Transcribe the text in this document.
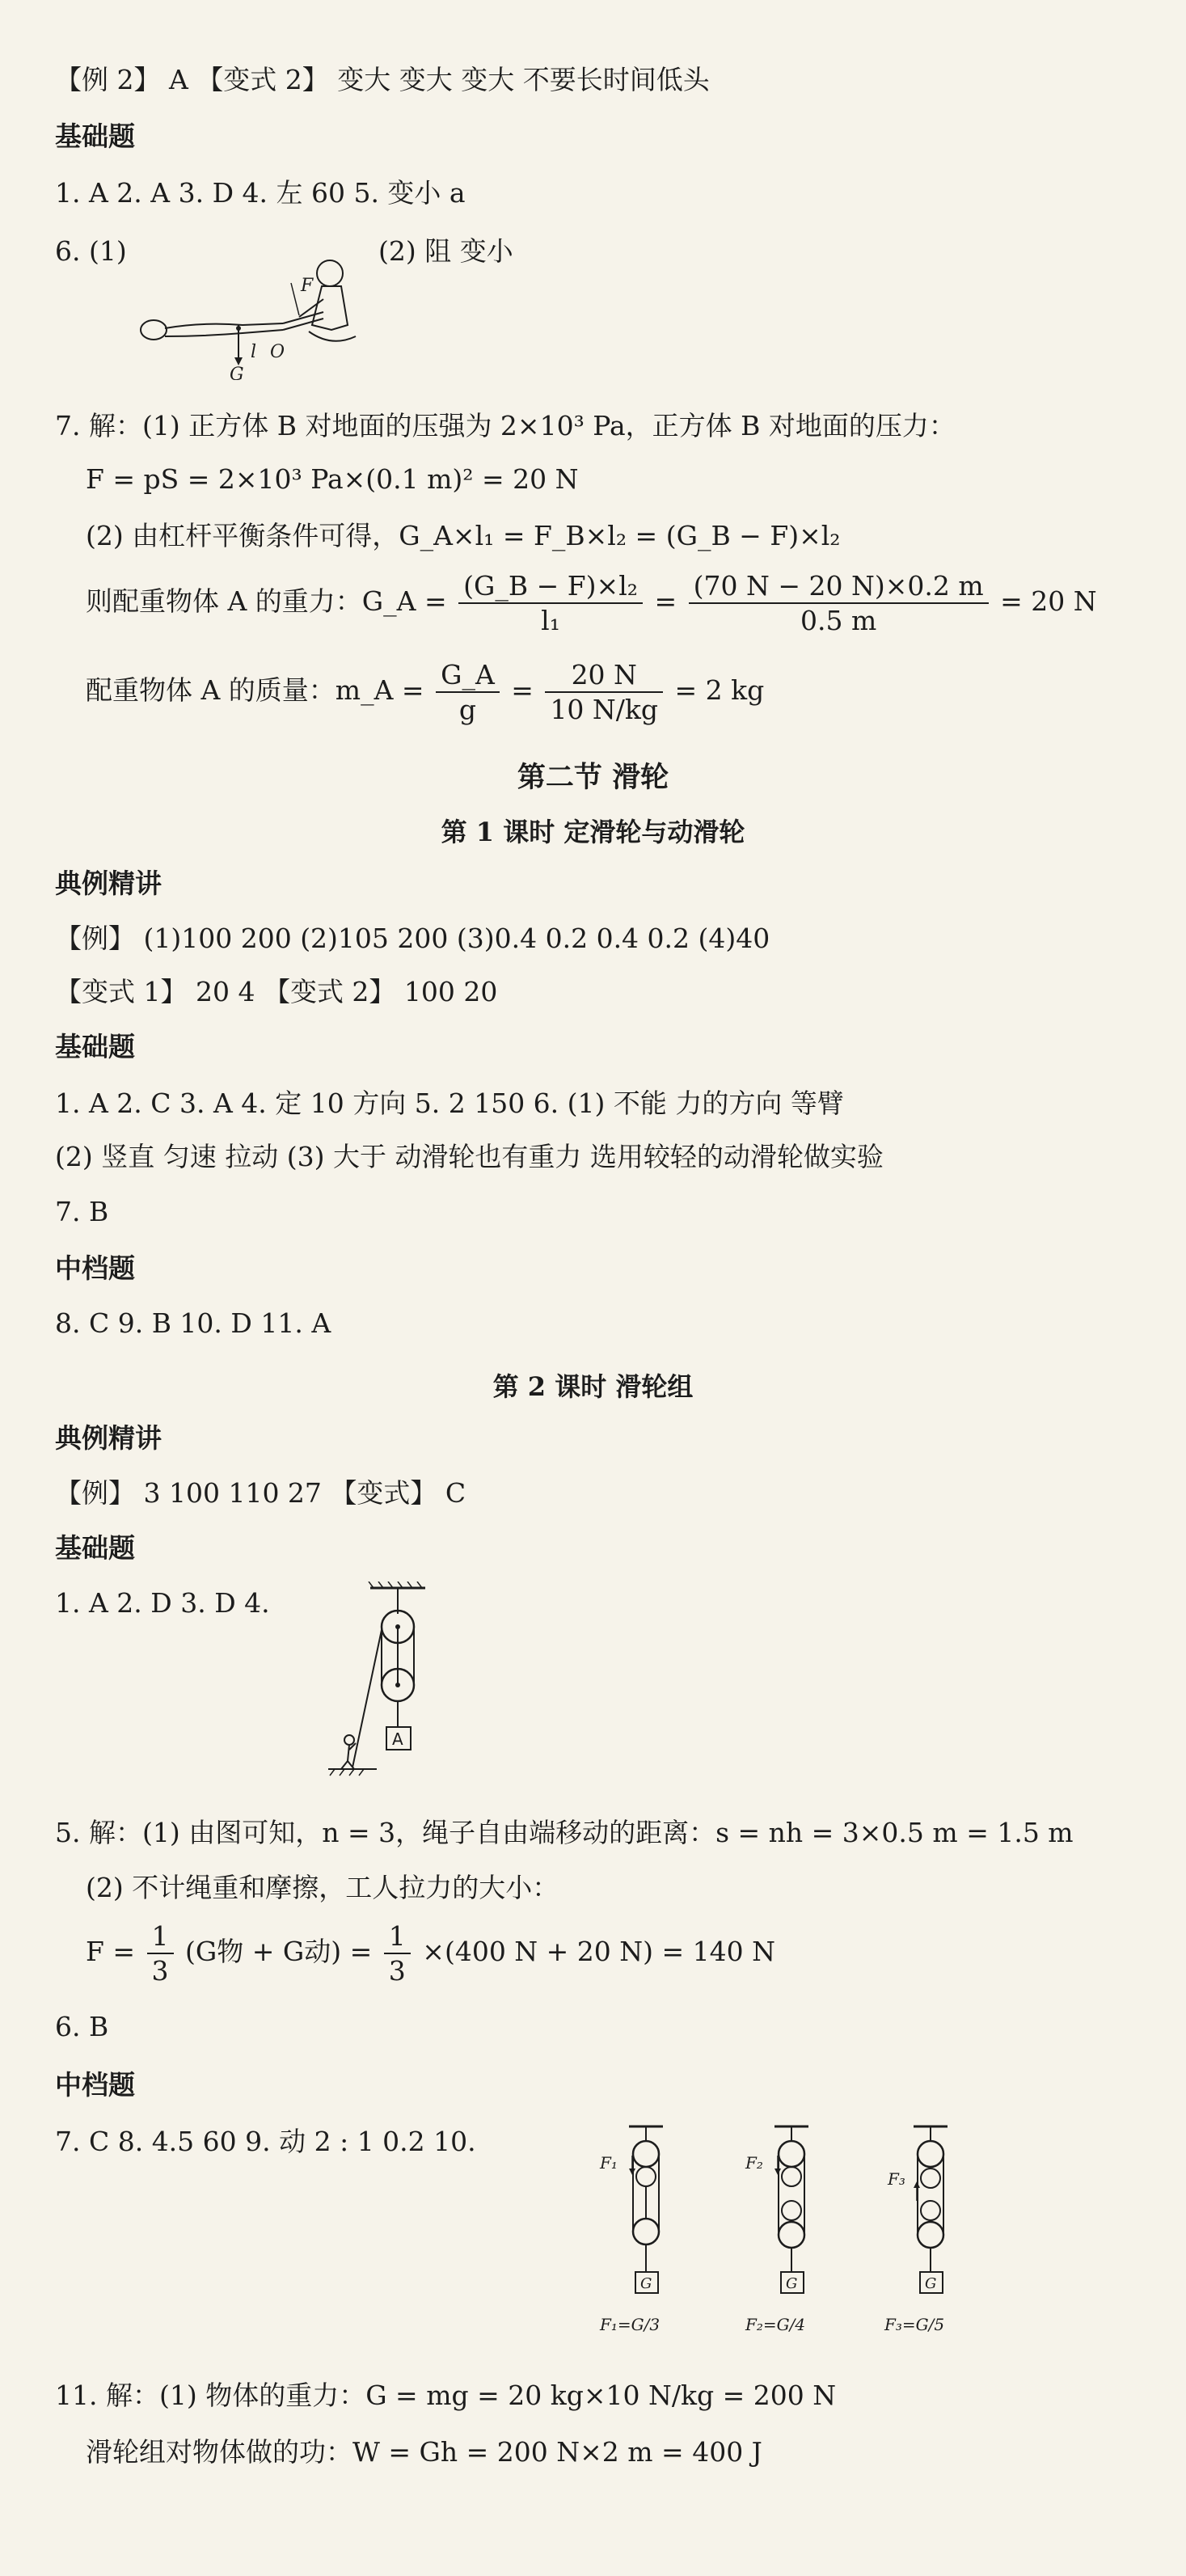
【例 2】 A 【变式 2】 变大 变大 变大 不要长时间低头
基础题
1. A 2. A 3. D 4. 左 60 5. 变小 a
6. (1)	(2) 阻 变小
F
l O
G
7. 解：(1) 正方体 B 对地面的压强为 2×10³ Pa，正方体 B 对地面的压力：
F = pS = 2×10³ Pa×(0.1 m)² = 20 N
(2) 由杠杆平衡条件可得，G_A×l₁ = F_B×l₂ = (G_B − F)×l₂
则配重物体 A 的重力：G_A = $\frac{\text{(G\_B − F)×l₂}}{\text{l₁}} = \frac{(70 N - 20 N)\times 0.2 m}{0.5 m} = 20$ N
配重物体 A 的质量：m_A = $\frac{G\_A}{g} = \frac{20 N}{10 N/kg} = 2$ kg
第二节 滑轮
第 1 课时 定滑轮与动滑轮
典例精讲
【例】 (1)100 200 (2)105 200 (3)0.4 0.2 0.4 0.2 (4)40
【变式 1】 20 4 【变式 2】 100 20
基础题
1. A 2. C 3. A 4. 定 10 方向 5. 2 150 6. (1) 不能 力的方向 等臂
(2) 竖直 匀速 拉动 (3) 大于 动滑轮也有重力 选用较轻的动滑轮做实验
7. B
中档题
8. C 9. B 10. D 11. A
第 2 课时 滑轮组
典例精讲
【例】 3 100 110 27 【变式】 C
基础题
1. A 2. D 3. D 4.
A
5. 解：(1) 由图可知，n = 3，绳子自由端移动的距离：s = nh = 3×0.5 m = 1.5 m
(2) 不计绳重和摩擦，工人拉力的大小：
$F = \frac{1}{3} (G$物 + G动) = $\frac{1}{3} \times(400$ N + 20 N) = 140 N
6. B
中档题
7. C 8. 4.5 60 9. 动 2 : 1 0.2 10.
F₁
G
F₁=G/3
F₂
G
F₂=G/4
F₃
G
F₃=G/5
11. 解：(1) 物体的重力：G = mg = 20 kg×10 N/kg = 200 N
滑轮组对物体做的功：W = Gh = 200 N×2 m = 400 J
